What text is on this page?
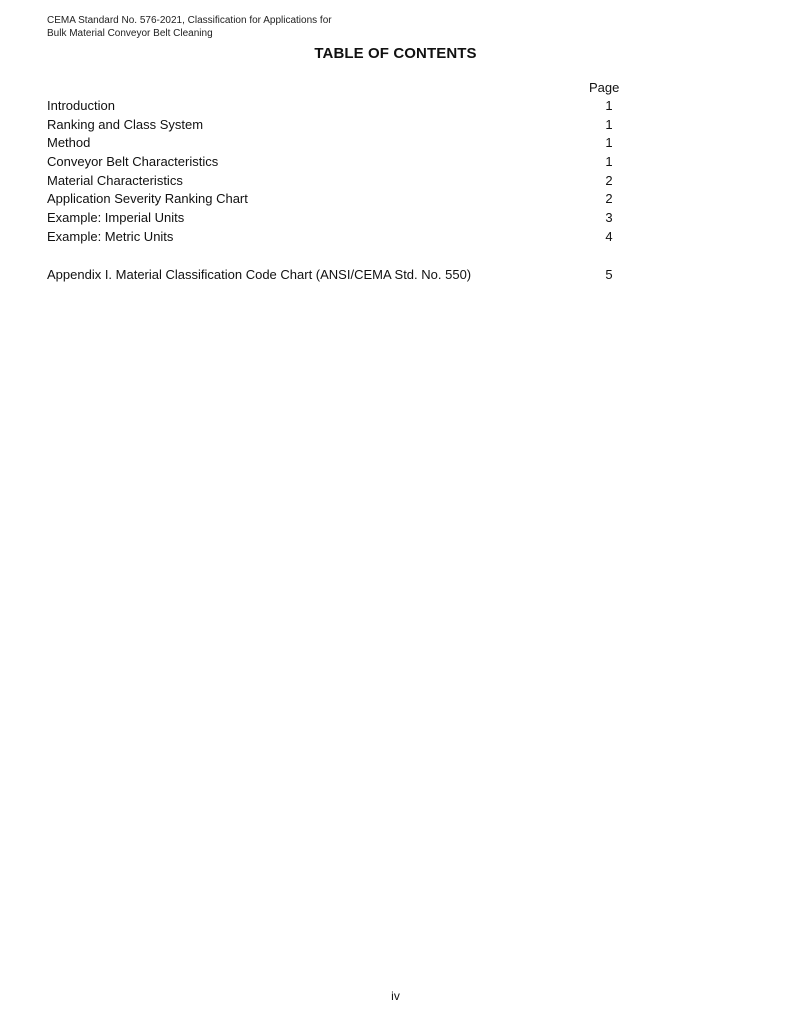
CEMA Standard No. 576-2021, Classification for Applications for
Bulk Material Conveyor Belt Cleaning
TABLE OF CONTENTS
Page
Introduction	1
Ranking and Class System	1
Method	1
Conveyor Belt Characteristics	1
Material Characteristics	2
Application Severity Ranking Chart	2
Example: Imperial Units	3
Example: Metric Units	4
Appendix I. Material Classification Code Chart (ANSI/CEMA Std. No. 550)	5
iv
